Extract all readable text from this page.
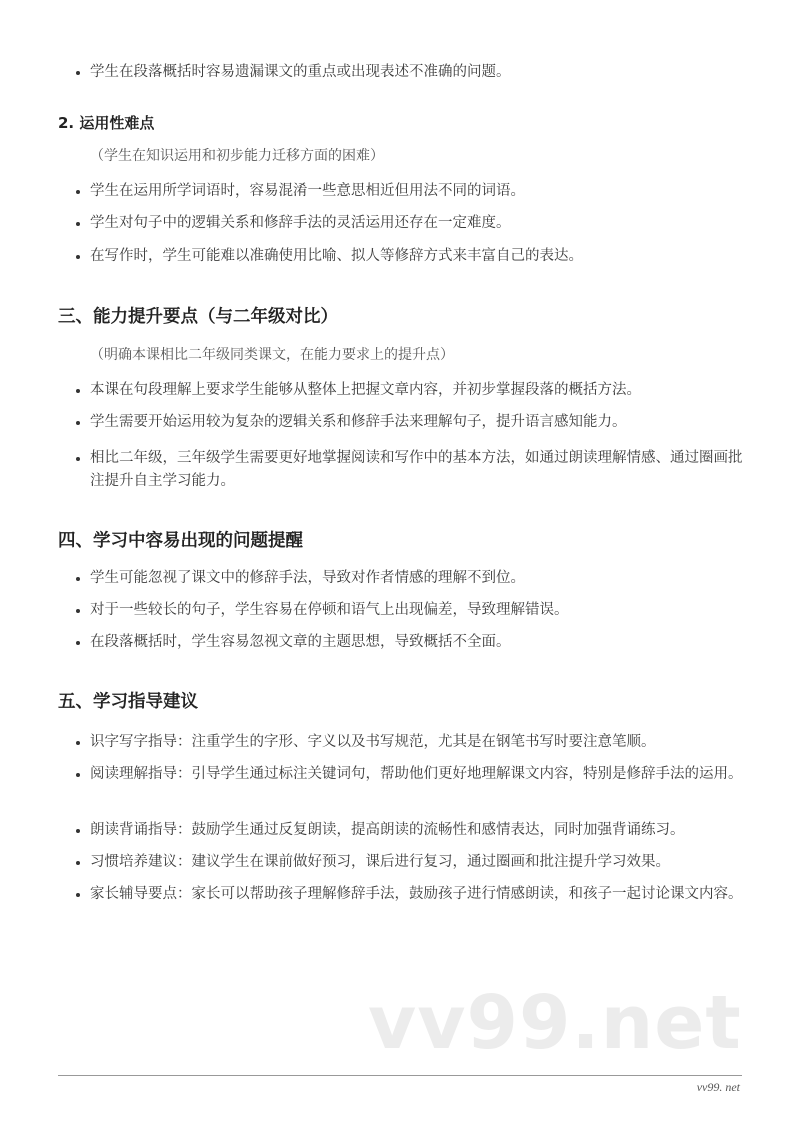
vv99.net
学生在段落概括时容易遗漏课文的重点或出现表述不准确的问题。
2. 运用性难点
（学生在知识运用和初步能力迁移方面的困难）
学生在运用所学词语时，容易混淆一些意思相近但用法不同的词语。
学生对句子中的逻辑关系和修辞手法的灵活运用还存在一定难度。
在写作时，学生可能难以准确使用比喻、拟人等修辞方式来丰富自己的表达。
三、能力提升要点（与二年级对比）
（明确本课相比二年级同类课文，在能力要求上的提升点）
本课在句段理解上要求学生能够从整体上把握文章内容，并初步掌握段落的概括方法。
学生需要开始运用较为复杂的逻辑关系和修辞手法来理解句子，提升语言感知能力。
相比二年级，三年级学生需要更好地掌握阅读和写作中的基本方法，如通过朗读理解情感、通过圈画批注提升自主学习能力。
四、学习中容易出现的问题提醒
学生可能忽视了课文中的修辞手法，导致对作者情感的理解不到位。
对于一些较长的句子，学生容易在停顿和语气上出现偏差，导致理解错误。
在段落概括时，学生容易忽视文章的主题思想，导致概括不全面。
五、学习指导建议
识字写字指导：注重学生的字形、字义以及书写规范，尤其是在钢笔书写时要注意笔顺。
阅读理解指导：引导学生通过标注关键词句，帮助他们更好地理解课文内容，特别是修辞手法的运用。
朗读背诵指导：鼓励学生通过反复朗读，提高朗读的流畅性和感情表达，同时加强背诵练习。
习惯培养建议：建议学生在课前做好预习，课后进行复习，通过圈画和批注提升学习效果。
家长辅导要点：家长可以帮助孩子理解修辞手法，鼓励孩子进行情感朗读，和孩子一起讨论课文内容。
vv99. net
